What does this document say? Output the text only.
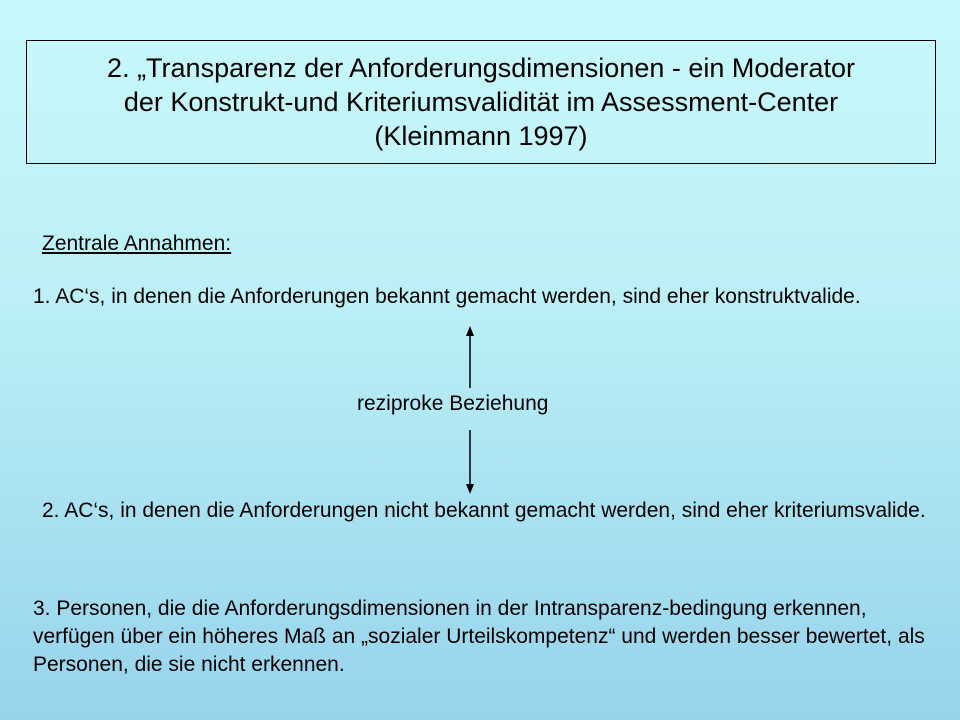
2. „Transparenz der Anforderungsdimensionen - ein Moderator
der Konstrukt-und Kriteriumsvalidität im Assessment-Center
(Kleinmann 1997)

Zentrale Annahmen:

1. AC‘s, in denen die Anforderungen bekannt gemacht werden, sind eher konstruktvalide.

reziproke Beziehung

2. AC‘s, in denen die Anforderungen nicht bekannt gemacht werden, sind eher kriteriumsvalide.

3. Personen, die die Anforderungsdimensionen in der Intransparenz-bedingung erkennen, verfügen über ein höheres Maß an „sozialer Urteilskompetenz“ und werden besser bewertet, als Personen, die sie nicht erkennen.
